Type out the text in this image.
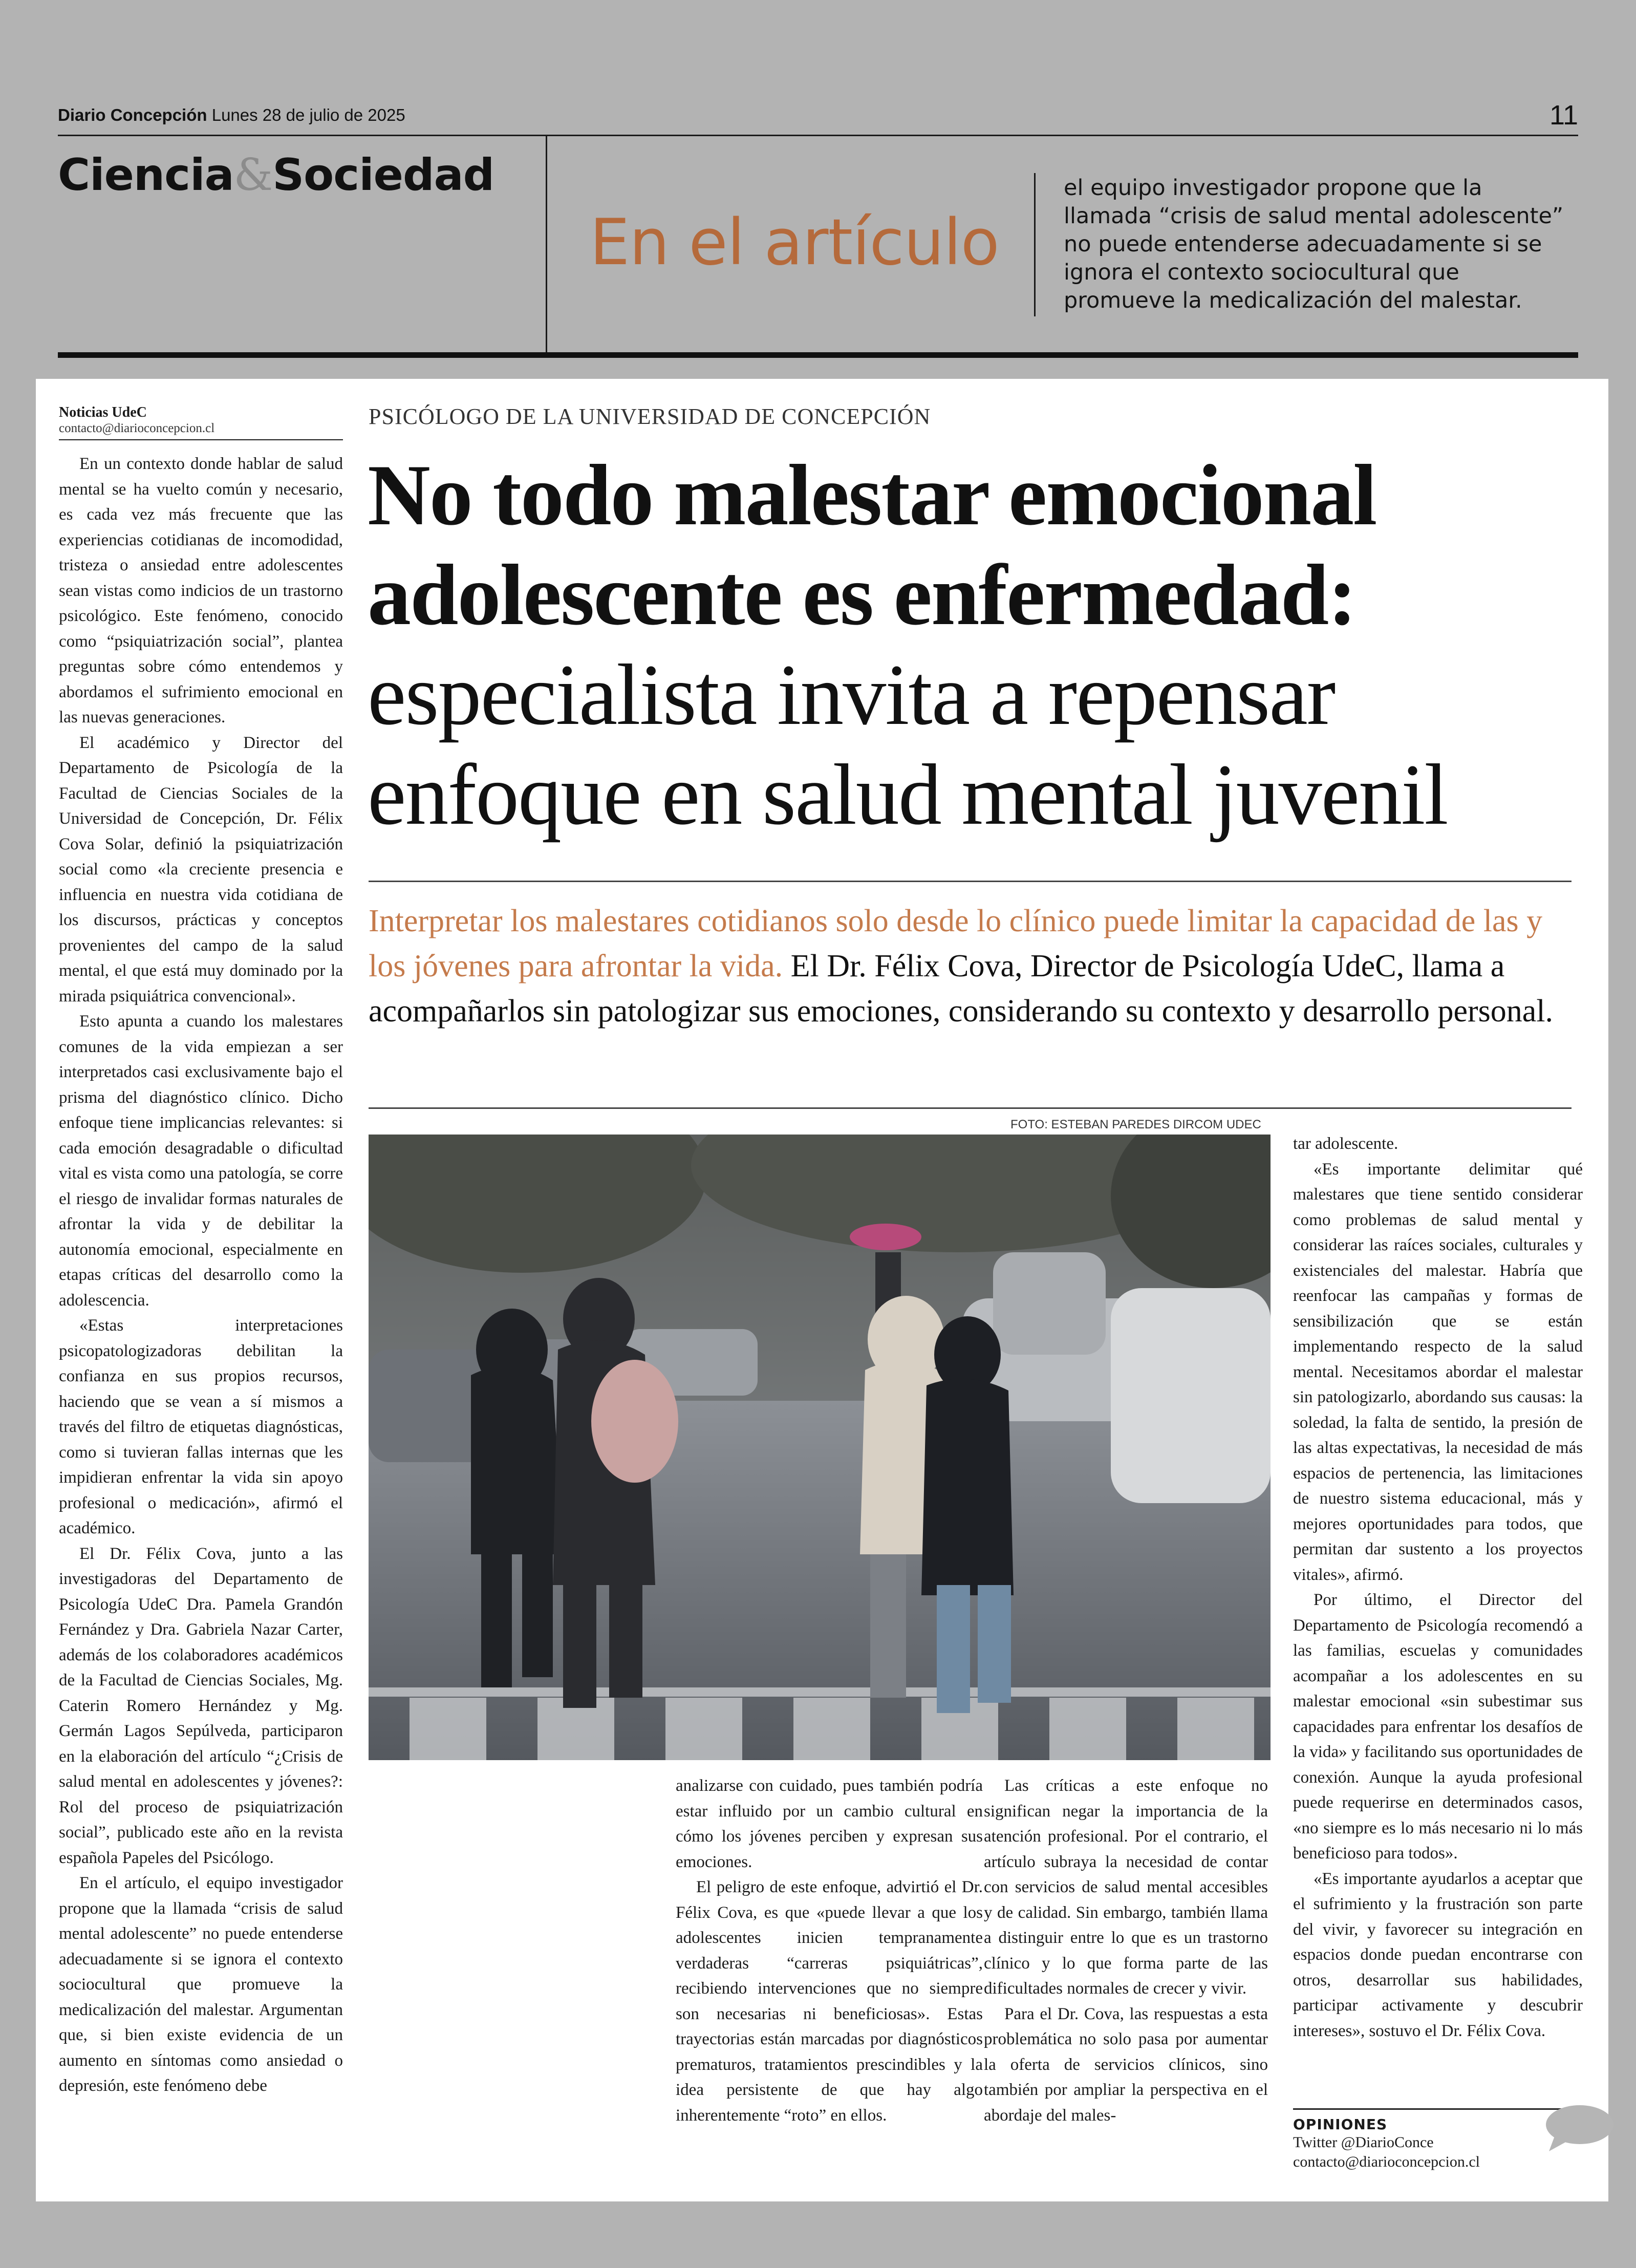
Diario Concepción Lunes 28 de julio de 2025	11
Ciencia&Sociedad
En el artículo
el equipo investigador propone que la llamada “crisis de salud mental adolescente” no puede entenderse adecuadamente si se ignora el contexto sociocultural que promueve la medicalización del malestar.
Noticias UdeC
contacto@diarioconcepcion.cl

En un contexto donde hablar de salud mental se ha vuelto común y necesario, es cada vez más frecuente que las experiencias cotidianas de incomodidad, tristeza o ansiedad entre adolescentes sean vistas como indicios de un trastorno psicológico. Este fenómeno, conocido como “psiquiatrización social”, plantea preguntas sobre cómo entendemos y abordamos el sufrimiento emocional en las nuevas generaciones.

El académico y Director del Departamento de Psicología de la Facultad de Ciencias Sociales de la Universidad de Concepción, Dr. Félix Cova Solar, definió la psiquiatrización social como «la creciente presencia e influencia en nuestra vida cotidiana de los discursos, prácticas y conceptos provenientes del campo de la salud mental, el que está muy dominado por la mirada psiquiátrica convencional».

Esto apunta a cuando los malestares comunes de la vida empiezan a ser interpretados casi exclusivamente bajo el prisma del diagnóstico clínico. Dicho enfoque tiene implicancias relevantes: si cada emoción desagradable o dificultad vital es vista como una patología, se corre el riesgo de invalidar formas naturales de afrontar la vida y de debilitar la autonomía emocional, especialmente en etapas críticas del desarrollo como la adolescencia.

«Estas interpretaciones psicopatologizadoras debilitan la confianza en sus propios recursos, haciendo que se vean a sí mismos a través del filtro de etiquetas diagnósticas, como si tuvieran fallas internas que les impidieran enfrentar la vida sin apoyo profesional o medicación», afirmó el académico.

El Dr. Félix Cova, junto a las investigadoras del Departamento de Psicología UdeC Dra. Pamela Grandón Fernández y Dra. Gabriela Nazar Carter, además de los colaboradores académicos de la Facultad de Ciencias Sociales, Mg. Caterin Romero Hernández y Mg. Germán Lagos Sepúlveda, participaron en la elaboración del artículo “¿Crisis de salud mental en adolescentes y jóvenes?: Rol del proceso de psiquiatrización social”, publicado este año en la revista española Papeles del Psicólogo.

En el artículo, el equipo investigador propone que la llamada “crisis de salud mental adolescente” no puede entenderse adecuadamente si se ignora el contexto sociocultural que promueve la medicalización del malestar. Argumentan que, si bien existe evidencia de un aumento en síntomas como ansiedad o depresión, este fenómeno debe

PSICÓLOGO DE LA UNIVERSIDAD DE CONCEPCIÓN
No todo malestar emocional
adolescente es enfermedad:
especialista invita a repensar
enfoque en salud mental juvenil
Interpretar los malestares cotidianos solo desde lo clínico puede limitar la capacidad de las y los jóvenes para afrontar la vida. El Dr. Félix Cova, Director de Psicología UdeC, llama a acompañarlos sin patologizar sus emociones, considerando su contexto y desarrollo personal.
FOTO: ESTEBAN PAREDES DIRCOM UDEC

analizarse con cuidado, pues también podría estar influido por un cambio cultural en cómo los jóvenes perciben y expresan sus emociones.

El peligro de este enfoque, advirtió el Dr. Félix Cova, es que «puede llevar a que los adolescentes inicien tempranamente verdaderas “carreras psiquiátricas”, recibiendo intervenciones que no siempre son necesarias ni beneficiosas». Estas trayectorias están marcadas por diagnósticos prematuros, tratamientos prescindibles y la idea persistente de que hay algo inherentemente “roto” en ellos.

Las críticas a este enfoque no significan negar la importancia de la atención profesional. Por el contrario, el artículo subraya la necesidad de contar con servicios de salud mental accesibles y de calidad. Sin embargo, también llama a distinguir entre lo que es un trastorno clínico y lo que forma parte de las dificultades normales de crecer y vivir.

Para el Dr. Cova, las respuestas a esta problemática no solo pasa por aumentar la oferta de servicios clínicos, sino también por ampliar la perspectiva en el abordaje del males-

tar adolescente.

«Es importante delimitar qué malestares que tiene sentido considerar como problemas de salud mental y considerar las raíces sociales, culturales y existenciales del malestar. Habría que reenfocar las campañas y formas de sensibilización que se están implementando respecto de la salud mental. Necesitamos abordar el malestar sin patologizarlo, abordando sus causas: la soledad, la falta de sentido, la presión de las altas expectativas, la necesidad de más espacios de pertenencia, las limitaciones de nuestro sistema educacional, más y mejores oportunidades para todos, que permitan dar sustento a los proyectos vitales», afirmó.

Por último, el Director del Departamento de Psicología recomendó a las familias, escuelas y comunidades acompañar a los adolescentes en su malestar emocional «sin subestimar sus capacidades para enfrentar los desafíos de la vida» y facilitando sus oportunidades de conexión. Aunque la ayuda profesional puede requerirse en determinados casos, «no siempre es lo más necesario ni lo más beneficioso para todos».

«Es importante ayudarlos a aceptar que el sufrimiento y la frustración son parte del vivir, y favorecer su integración en espacios donde puedan encontrarse con otros, desarrollar sus habilidades, participar activamente y descubrir intereses», sostuvo el Dr. Félix Cova.

OPINIONES
Twitter @DiarioConce
contacto@diarioconcepcion.cl
